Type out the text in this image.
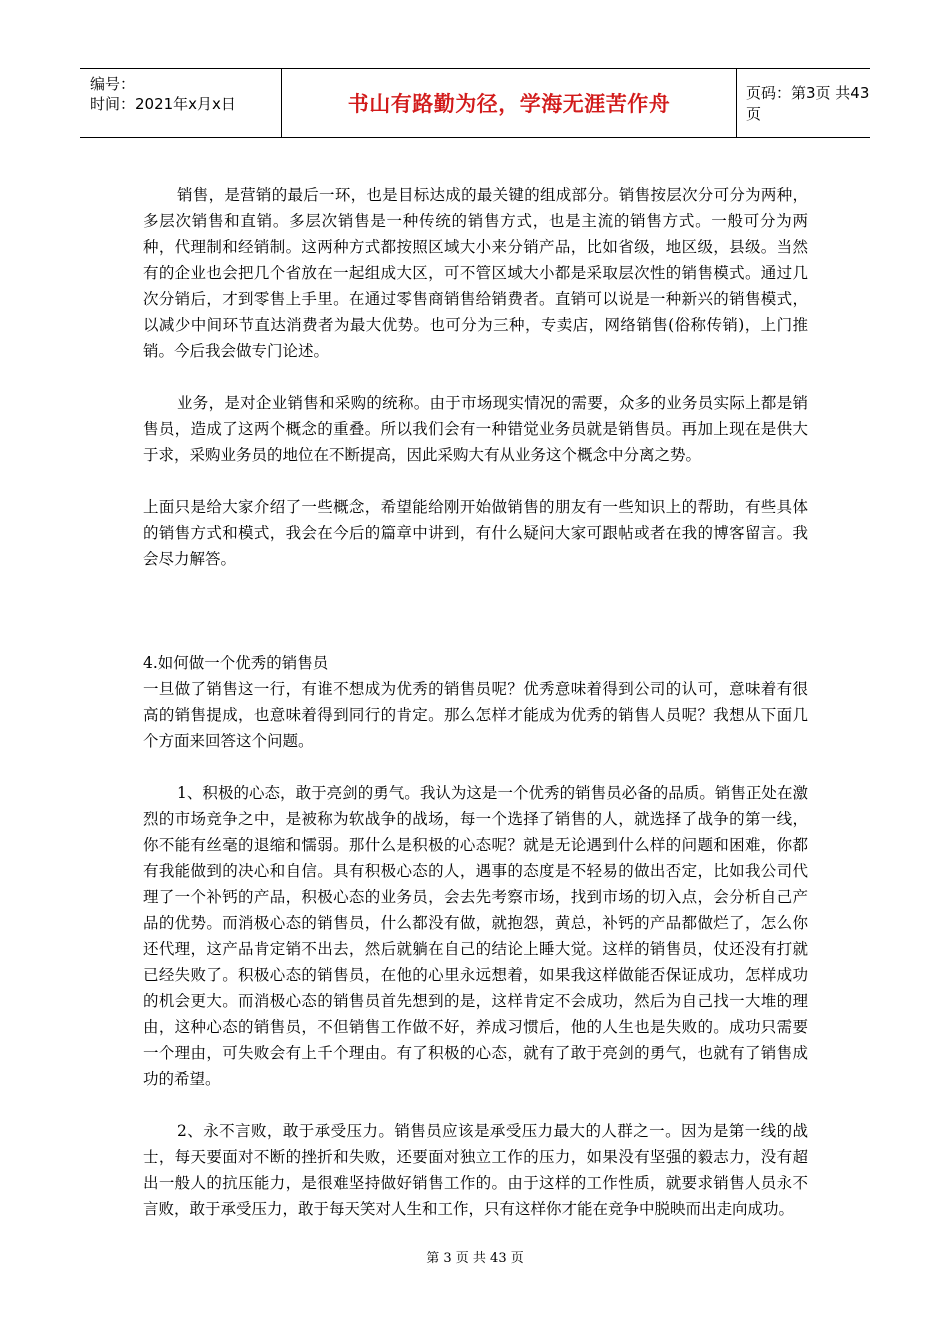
编号：
时间：2021年x月x日	书山有路勤为径，学海无涯苦作舟	页码：第3页 共43页

销售，是营销的最后一环，也是目标达成的最关键的组成部分。销售按层次分可分为两种，多层次销售和直销。多层次销售是一种传统的销售方式，也是主流的销售方式。一般可分为两种，代理制和经销制。这两种方式都按照区域大小来分销产品，比如省级，地区级，县级。当然有的企业也会把几个省放在一起组成大区，可不管区域大小都是采取层次性的销售模式。通过几次分销后，才到零售上手里。在通过零售商销售给销费者。直销可以说是一种新兴的销售模式，以减少中间环节直达消费者为最大优势。也可分为三种，专卖店，网络销售(俗称传销)，上门推销。今后我会做专门论述。

业务，是对企业销售和采购的统称。由于市场现实情况的需要，众多的业务员实际上都是销售员，造成了这两个概念的重叠。所以我们会有一种错觉业务员就是销售员。再加上现在是供大于求，采购业务员的地位在不断提高，因此采购大有从业务这个概念中分离之势。

上面只是给大家介绍了一些概念，希望能给刚开始做销售的朋友有一些知识上的帮助，有些具体的销售方式和模式，我会在今后的篇章中讲到，有什么疑问大家可跟帖或者在我的博客留言。我会尽力解答。

4.如何做一个优秀的销售员

一旦做了销售这一行，有谁不想成为优秀的销售员呢？优秀意味着得到公司的认可，意味着有很高的销售提成，也意味着得到同行的肯定。那么怎样才能成为优秀的销售人员呢？我想从下面几个方面来回答这个问题。

1、积极的心态，敢于亮剑的勇气。我认为这是一个优秀的销售员必备的品质。销售正处在激烈的市场竞争之中，是被称为软战争的战场，每一个选择了销售的人，就选择了战争的第一线，你不能有丝毫的退缩和懦弱。那什么是积极的心态呢？就是无论遇到什么样的问题和困难，你都有我能做到的决心和自信。具有积极心态的人，遇事的态度是不轻易的做出否定，比如我公司代理了一个补钙的产品，积极心态的业务员，会去先考察市场，找到市场的切入点，会分析自己产品的优势。而消极心态的销售员，什么都没有做，就抱怨，黄总，补钙的产品都做烂了，怎么你还代理，这产品肯定销不出去，然后就躺在自己的结论上睡大觉。这样的销售员，仗还没有打就已经失败了。积极心态的销售员，在他的心里永远想着，如果我这样做能否保证成功，怎样成功的机会更大。而消极心态的销售员首先想到的是，这样肯定不会成功，然后为自己找一大堆的理由，这种心态的销售员，不但销售工作做不好，养成习惯后，他的人生也是失败的。成功只需要一个理由，可失败会有上千个理由。有了积极的心态，就有了敢于亮剑的勇气，也就有了销售成功的希望。

2、永不言败，敢于承受压力。销售员应该是承受压力最大的人群之一。因为是第一线的战士，每天要面对不断的挫折和失败，还要面对独立工作的压力，如果没有坚强的毅志力，没有超出一般人的抗压能力，是很难坚持做好销售工作的。由于这样的工作性质，就要求销售人员永不言败，敢于承受压力，敢于每天笑对人生和工作，只有这样你才能在竞争中脱映而出走向成功。

第 3 页 共 43 页
